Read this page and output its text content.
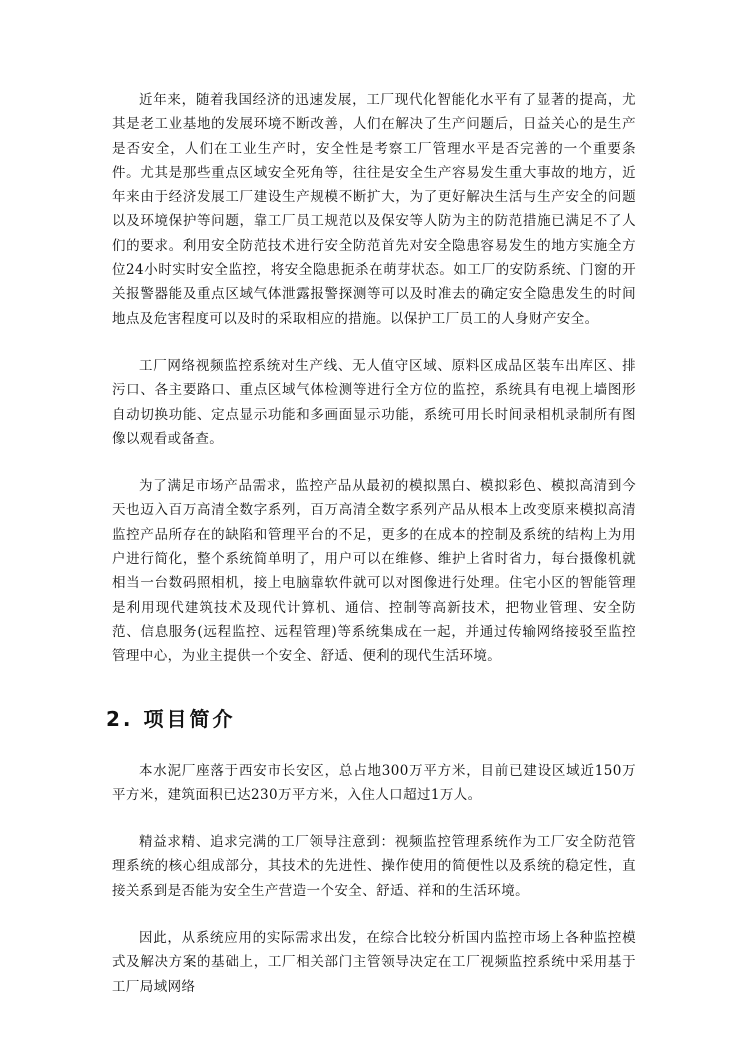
近年来，随着我国经济的迅速发展，工厂现代化智能化水平有了显著的提高，尤其是老工业基地的发展环境不断改善，人们在解决了生产问题后，日益关心的是生产是否安全，人们在工业生产时，安全性是考察工厂管理水平是否完善的一个重要条件。尤其是那些重点区域安全死角等，往往是安全生产容易发生重大事故的地方，近年来由于经济发展工厂建设生产规模不断扩大，为了更好解决生活与生产安全的问题以及环境保护等问题，靠工厂员工规范以及保安等人防为主的防范措施已满足不了人们的要求。利用安全防范技术进行安全防范首先对安全隐患容易发生的地方实施全方位24小时实时安全监控，将安全隐患扼杀在萌芽状态。如工厂的安防系统、门窗的开关报警器能及重点区域气体泄露报警探测等可以及时准去的确定安全隐患发生的时间地点及危害程度可以及时的采取相应的措施。以保护工厂员工的人身财产安全。

工厂网络视频监控系统对生产线、无人值守区域、原料区成品区装车出库区、排污口、各主要路口、重点区域气体检测等进行全方位的监控，系统具有电视上墙图形自动切换功能、定点显示功能和多画面显示功能，系统可用长时间录相机录制所有图像以观看或备查。

为了满足市场产品需求，监控产品从最初的模拟黑白、模拟彩色、模拟高清到今天也迈入百万高清全数字系列，百万高清全数字系列产品从根本上改变原来模拟高清监控产品所存在的缺陷和管理平台的不足，更多的在成本的控制及系统的结构上为用户进行简化，整个系统简单明了，用户可以在维修、维护上省时省力，每台摄像机就相当一台数码照相机，接上电脑靠软件就可以对图像进行处理。住宅小区的智能管理是利用现代建筑技术及现代计算机、通信、控制等高新技术，把物业管理、安全防范、信息服务(远程监控、远程管理)等系统集成在一起，并通过传输网络接驳至监控管理中心，为业主提供一个安全、舒适、便利的现代生活环境。

2. 项目简介

本水泥厂座落于西安市长安区，总占地300万平方米，目前已建设区域近150万平方米，建筑面积已达230万平方米，入住人口超过1万人。

精益求精、追求完满的工厂领导注意到：视频监控管理系统作为工厂安全防范管理系统的核心组成部分，其技术的先进性、操作使用的简便性以及系统的稳定性，直接关系到是否能为安全生产营造一个安全、舒适、祥和的生活环境。

因此，从系统应用的实际需求出发，在综合比较分析国内监控市场上各种监控模式及解决方案的基础上，工厂相关部门主管领导决定在工厂视频监控系统中采用基于工厂局域网络
